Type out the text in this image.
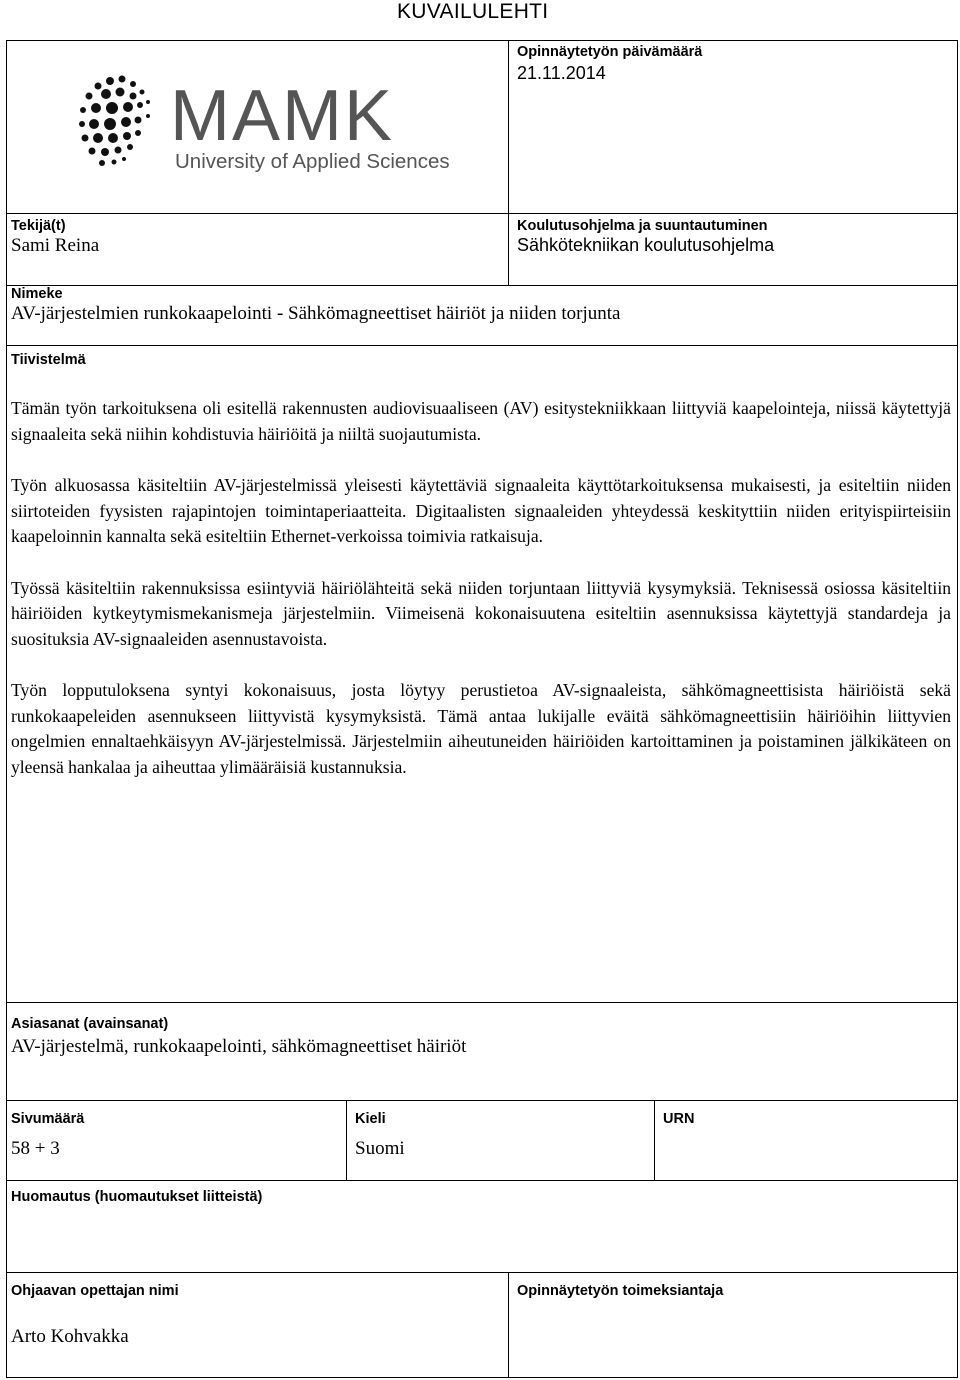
KUVAILULEHTI
MAMK
University of Applied Sciences
Opinnäytetyön päivämäärä
21.11.2014
Tekijä(t)
Sami Reina
Koulutusohjelma ja suuntautuminen
Sähkötekniikan koulutusohjelma
Nimeke
AV-järjestelmien runkokaapelointi - Sähkömagneettiset häiriöt ja niiden torjunta
Tiivistelmä

Tämän työn tarkoituksena oli esitellä rakennusten audiovisuaaliseen (AV) esitystekniikkaan liittyviä kaapelointeja, niissä käytettyjä signaaleita sekä niihin kohdistuvia häiriöitä ja niiltä suojautumista.

Työn alkuosassa käsiteltiin AV-järjestelmissä yleisesti käytettäviä signaaleita käyttötarkoituksensa mukaisesti, ja esiteltiin niiden siirtoteiden fyysisten rajapintojen toimintaperiaatteita. Digitaalisten signaaleiden yhteydessä keskityttiin niiden erityispiirteisiin kaapeloinnin kannalta sekä esiteltiin Ethernet-verkoissa toimivia ratkaisuja.

Työssä käsiteltiin rakennuksissa esiintyviä häiriölähteitä sekä niiden torjuntaan liittyviä kysymyksiä. Teknisessä osiossa käsiteltiin häiriöiden kytkeytymismekanismeja järjestelmiin. Viimeisenä kokonaisuutena esiteltiin asennuksissa käytettyjä standardeja ja suosituksia AV-signaaleiden asennustavoista.

Työn lopputuloksena syntyi kokonaisuus, josta löytyy perustietoa AV-signaaleista, sähkömagneettisista häiriöistä sekä runkokaapeleiden asennukseen liittyvistä kysymyksistä. Tämä antaa lukijalle eväitä sähkömagneettisiin häiriöihin liittyvien ongelmien ennaltaehkäisyyn AV-järjestelmissä. Järjestelmiin aiheutuneiden häiriöiden kartoittaminen ja poistaminen jälkikäteen on yleensä hankalaa ja aiheuttaa ylimääräisiä kustannuksia.

Asiasanat (avainsanat)
AV-järjestelmä, runkokaapelointi, sähkömagneettiset häiriöt
Sivumäärä
58 + 3
Kieli
Suomi
URN
Huomautus (huomautukset liitteistä)
Ohjaavan opettajan nimi
Arto Kohvakka
Opinnäytetyön toimeksiantaja
